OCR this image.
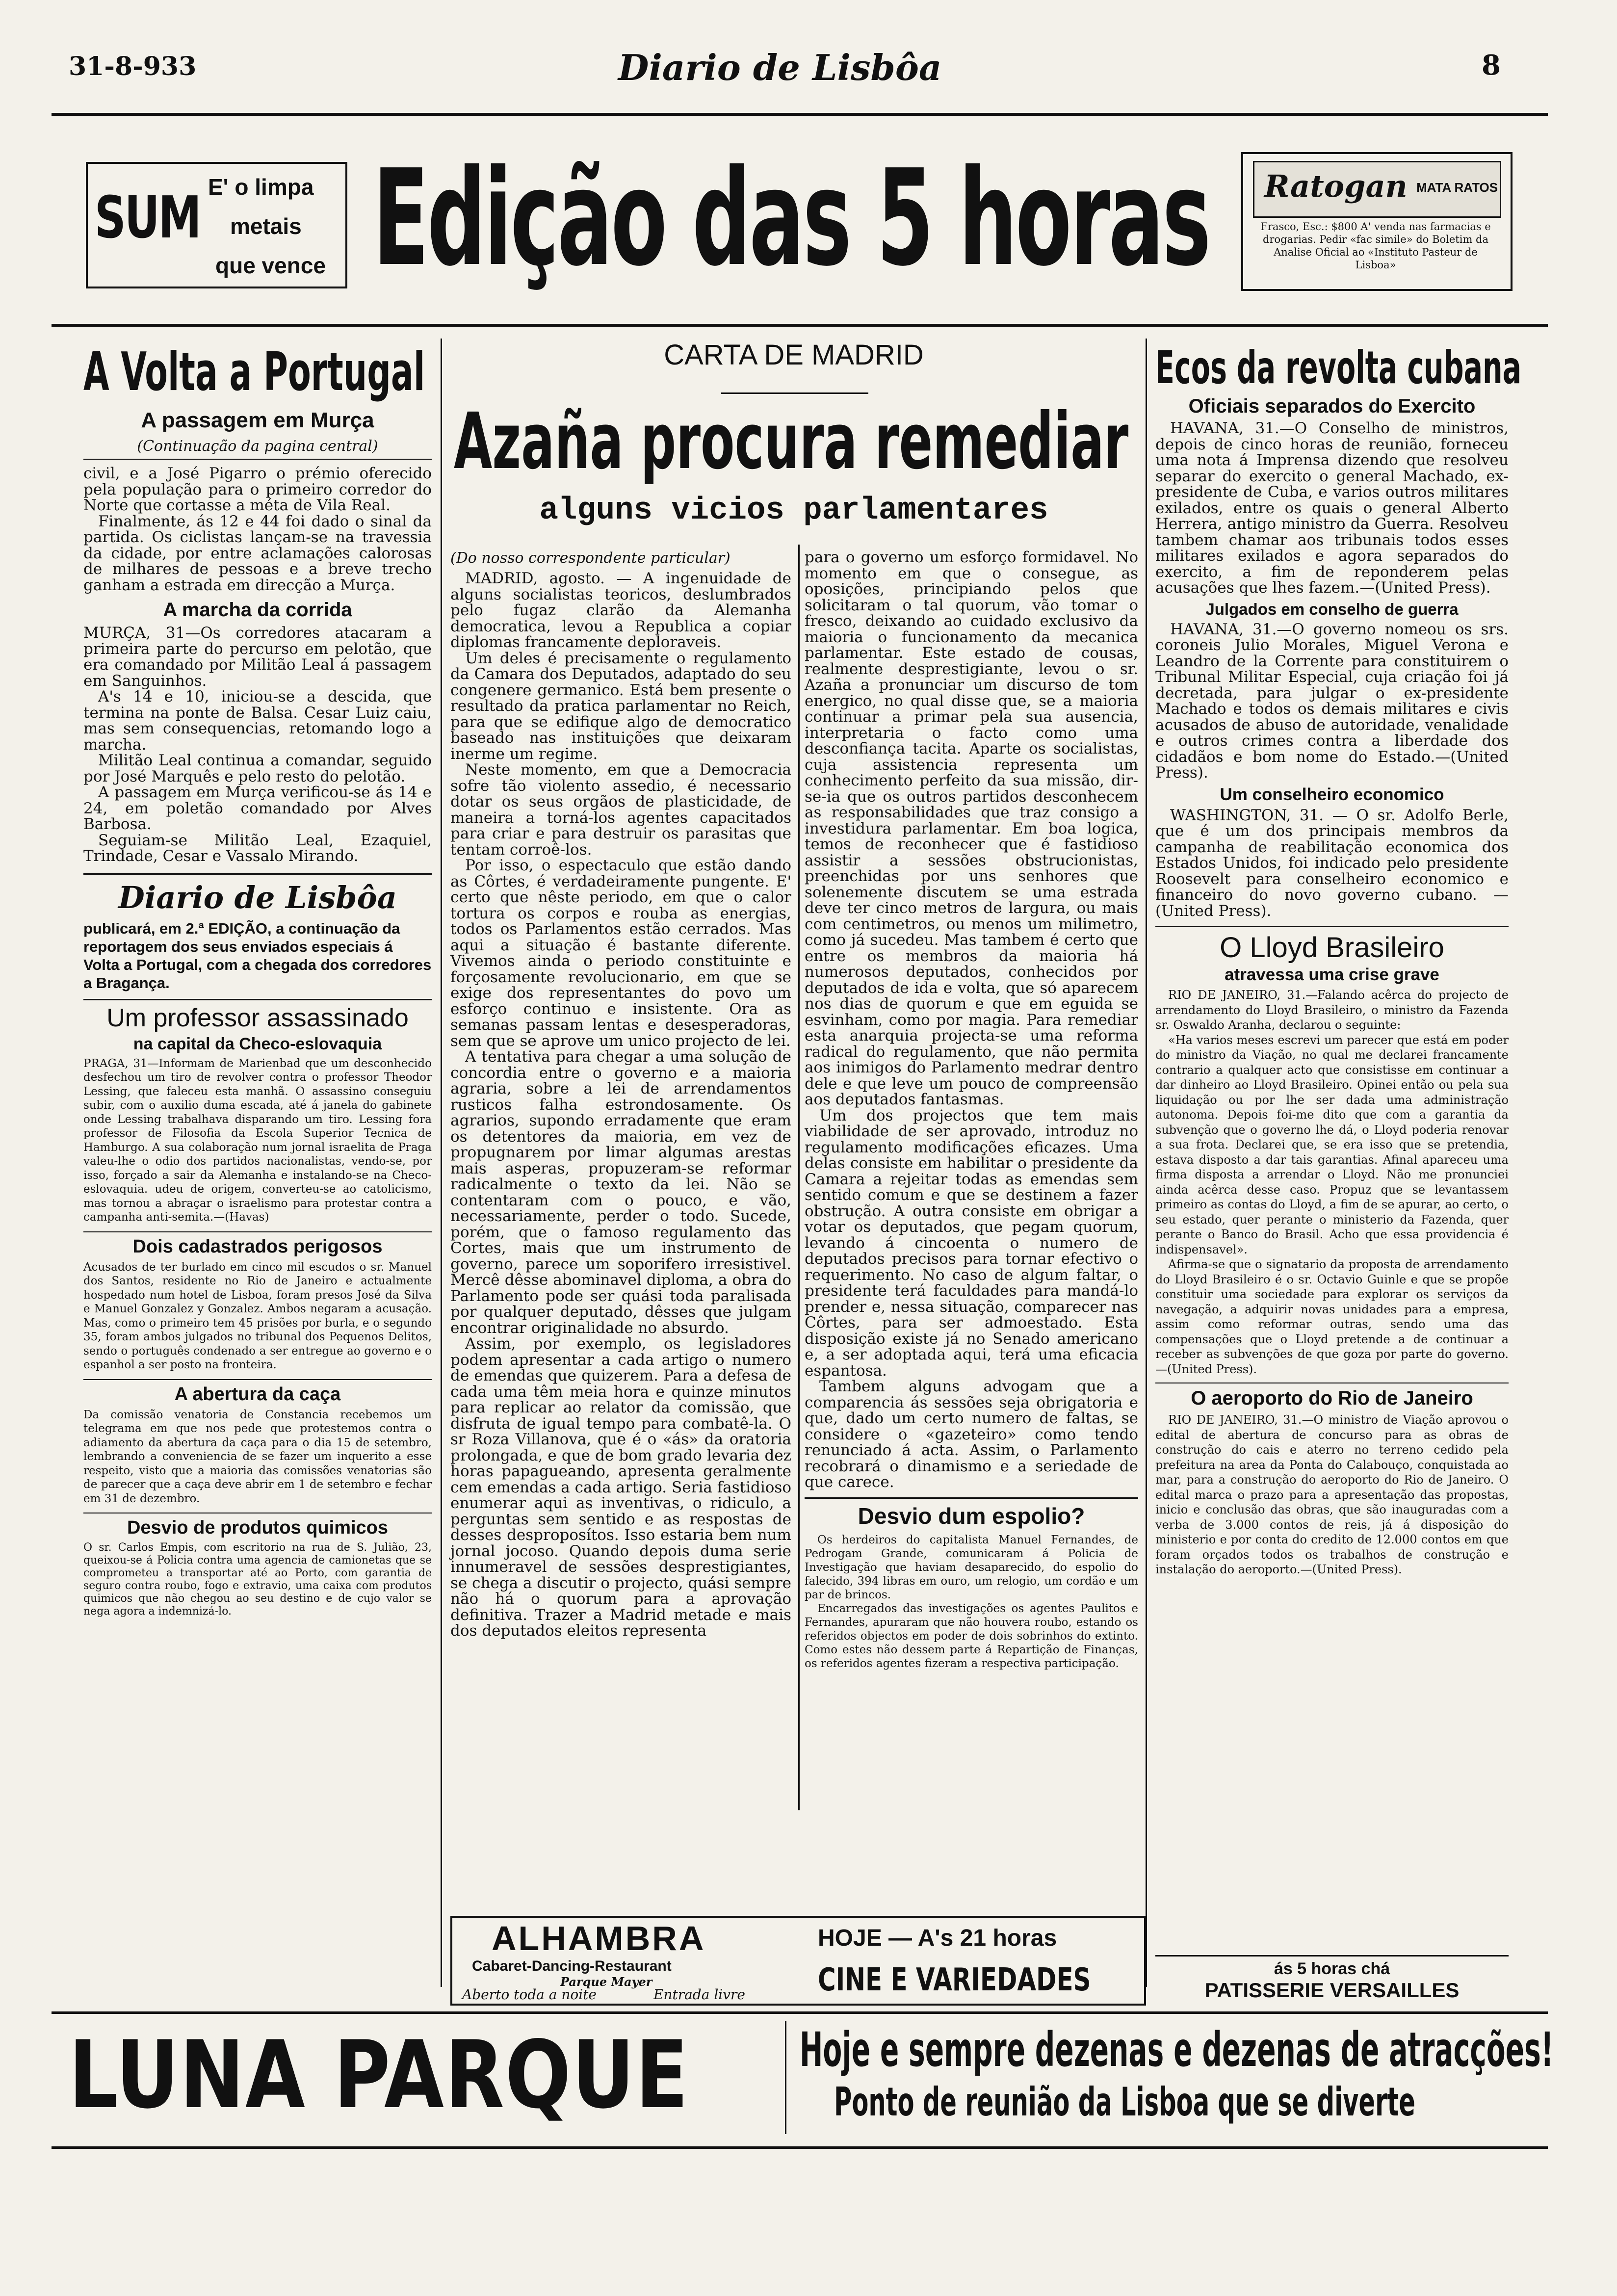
31-8-933	Diario de Lisbôa	8
SUM E' o limpa
metais
que vence Edição das 5 horas Ratogan MATA RATOS
Frasco, Esc.: $800 A' venda nas farmacias e drogarias. Pedir «fac simile» do Boletim da Analise Oficial ao «Instituto Pasteur de Lisboa»
A Volta a Portugal
A passagem em Murça
(Continuação da pagina central)
civil, e a José Pigarro o prémio oferecido pela população para o primeiro corredor do Norte que cortasse a méta de Vila Real.
Finalmente, ás 12 e 44 foi dado o sinal da partida. Os ciclistas lançam-se na travessia da cidade, por entre aclamações calorosas de milhares de pessoas e a breve trecho ganham a estrada em direcção a Murça.
A marcha da corrida
MURÇA, 31—Os corredores atacaram a primeira parte do percurso em pelotão, que era comandado por Militão Leal á passagem em Sanguinhos.
A's 14 e 10, iniciou-se a descida, que termina na ponte de Balsa. Cesar Luiz caiu, mas sem consequencias, retomando logo a marcha.
Militão Leal continua a comandar, seguido por José Marquês e pelo resto do pelotão.
A passagem em Murça verificou-se ás 14 e 24, em poletão comandado por Alves Barbosa.
Seguiam-se Militão Leal, Ezaquiel, Trindade, Cesar e Vassalo Mirando.
Diario de Lisbôa
publicará, em 2.ª EDIÇÃO, a continuação da reportagem dos seus enviados especiais á Volta a Portugal, com a chegada dos corredores a Bragança.
Um professor assassinado
na capital da Checo-eslovaquia
PRAGA, 31—Informam de Marienbad que um desconhecido desfechou um tiro de revolver contra o professor Theodor Lessing, que faleceu esta manhã. O assassino conseguiu subir, com o auxilio duma escada, até á janela do gabinete onde Lessing trabalhava disparando um tiro. Lessing fora professor de Filosofia da Escola Superior Tecnica de Hamburgo. A sua colaboração num jornal israelita de Praga valeu-lhe o odio dos partidos nacionalistas, vendo-se, por isso, forçado a sair da Alemanha e instalando-se na Checo-eslovaquia. udeu de origem, converteu-se ao catolicismo, mas tornou a abraçar o israelismo para protestar contra a campanha anti-semita.—(Havas)
Dois cadastrados perigosos
Acusados de ter burlado em cinco mil escudos o sr. Manuel dos Santos, residente no Rio de Janeiro e actualmente hospedado num hotel de Lisboa, foram presos José da Silva e Manuel Gonzalez y Gonzalez. Ambos negaram a acusação. Mas, como o primeiro tem 45 prisões por burla, e o segundo 35, foram ambos julgados no tribunal dos Pequenos Delitos, sendo o português condenado a ser entregue ao governo e o espanhol a ser posto na fronteira.
A abertura da caça
Da comissão venatoria de Constancia recebemos um telegrama em que nos pede que protestemos contra o adiamento da abertura da caça para o dia 15 de setembro, lembrando a conveniencia de se fazer um inquerito a esse respeito, visto que a maioria das comissões venatorias são de parecer que a caça deve abrir em 1 de setembro e fechar em 31 de dezembro.
Desvio de produtos quimicos
O sr. Carlos Empis, com escritorio na rua de S. Julião, 23, queixou-se á Policia contra uma agencia de camionetas que se comprometeu a transportar até ao Porto, com garantia de seguro contra roubo, fogo e extravio, uma caixa com produtos quimicos que não chegou ao seu destino e de cujo valor se nega agora a indemnizá-lo.
CARTA DE MADRID
Azaña procura remediar
alguns vicios parlamentares
(Do nosso correspondente particular)
MADRID, agosto. — A ingenuidade de alguns socialistas teoricos, deslumbrados pelo fugaz clarão da Alemanha democratica, levou a Republica a copiar diplomas francamente deploraveis.
Um deles é precisamente o regulamento da Camara dos Deputados, adaptado do seu congenere germanico. Está bem presente o resultado da pratica parlamentar no Reich, para que se edifique algo de democratico baseado nas instituições que deixaram inerme um regime.
Neste momento, em que a Democracia sofre tão violento assedio, é necessario dotar os seus orgãos de plasticidade, de maneira a torná-los agentes capacitados para criar e para destruir os parasitas que tentam corroê-los.
Por isso, o espectaculo que estão dando as Côrtes, é verdadeiramente pungente. E' certo que nêste periodo, em que o calor tortura os corpos e rouba as energias, todos os Parlamentos estão cerrados. Mas aqui a situação é bastante diferente. Vivemos ainda o periodo constituinte e forçosamente revolucionario, em que se exige dos representantes do povo um esforço continuo e insistente. Ora as semanas passam lentas e desesperadoras, sem que se aprove um unico projecto de lei.
A tentativa para chegar a uma solução de concordia entre o governo e a maioria agraria, sobre a lei de arrendamentos rusticos falha estrondosamente. Os agrarios, supondo erradamente que eram os detentores da maioria, em vez de propugnarem por limar algumas arestas mais asperas, propuzeram-se reformar radicalmente o texto da lei. Não se contentaram com o pouco, e vão, necessariamente, perder o todo. Sucede, porém, que o famoso regulamento das Cortes, mais que um instrumento de governo, parece um soporifero irresistivel. Mercê dêsse abominavel diploma, a obra do Parlamento pode ser quási toda paralisada por qualquer deputado, dêsses que julgam encontrar originalidade no absurdo.
Assim, por exemplo, os legisladores podem apresentar a cada artigo o numero de emendas que quizerem. Para a defesa de cada uma têm meia hora e quinze minutos para replicar ao relator da comissão, que disfruta de igual tempo para combatê-la. O sr Roza Villanova, que é o «ás» da oratoria prolongada, e que de bom grado levaria dez horas papagueando, apresenta geralmente cem emendas a cada artigo. Seria fastidioso enumerar aqui as inventivas, o ridiculo, a perguntas sem sentido e as respostas de desses desproposítos. Isso estaria bem num jornal jocoso. Quando depois duma serie innumeravel de sessões desprestigiantes, se chega a discutir o projecto, quási sempre não há o quorum para a aprovação definitiva. Trazer a Madrid metade e mais dos deputados eleitos representa
para o governo um esforço formidavel. No momento em que o consegue, as oposições, principiando pelos que solicitaram o tal quorum, vão tomar o fresco, deixando ao cuidado exclusivo da maioria o funcionamento da mecanica parlamentar. Este estado de cousas, realmente desprestigiante, levou o sr. Azaña a pronunciar um discurso de tom energico, no qual disse que, se a maioria continuar a primar pela sua ausencia, interpretaria o facto como uma desconfiança tacita. Aparte os socialistas, cuja assistencia representa um conhecimento perfeito da sua missão, dir-se-ia que os outros partidos desconhecem as responsabilidades que traz consigo a investidura parlamentar. Em boa logica, temos de reconhecer que é fastidioso assistir a sessões obstrucionistas, preenchidas por uns senhores que solenemente discutem se uma estrada deve ter cinco metros de largura, ou mais com centimetros, ou menos um milimetro, como já sucedeu. Mas tambem é certo que entre os membros da maioria há numerosos deputados, conhecidos por deputados de ida e volta, que só aparecem nos dias de quorum e que em eguida se esvinham, como por magia. Para remediar esta anarquia projecta-se uma reforma radical do regulamento, que não permita aos inimigos do Parlamento medrar dentro dele e que leve um pouco de compreensão aos deputados fantasmas.
Um dos projectos que tem mais viabilidade de ser aprovado, introduz no regulamento modificações eficazes. Uma delas consiste em habilitar o presidente da Camara a rejeitar todas as emendas sem sentido comum e que se destinem a fazer obstrução. A outra consiste em obrigar a votar os deputados, que pegam quorum, levando á cincoenta o numero de deputados precisos para tornar efectivo o requerimento. No caso de algum faltar, o presidente terá faculdades para mandá-lo prender e, nessa situação, comparecer nas Côrtes, para ser admoestado. Esta disposição existe já no Senado americano e, a ser adoptada aqui, terá uma eficacia espantosa.
Tambem alguns advogam que a comparencia ás sessões seja obrigatoria e que, dado um certo numero de faltas, se considere o «gazeteiro» como tendo renunciado á acta. Assim, o Parlamento recobrará o dinamismo e a seriedade de que carece.
Desvio dum espolio?
Os herdeiros do capitalista Manuel Fernandes, de Pedrogam Grande, comunicaram á Policia de Investigação que haviam desaparecido, do espolio do falecido, 394 libras em ouro, um relogio, um cordão e um par de brincos.
Encarregados das investigações os agentes Paulitos e Fernandes, apuraram que não houvera roubo, estando os referidos objectos em poder de dois sobrinhos do extinto. Como estes não dessem parte á Repartição de Finanças, os referidos agentes fizeram a respectiva participação.
Ecos da revolta cubana
Oficiais separados do Exercito
HAVANA, 31.—O Conselho de ministros, depois de cinco horas de reunião, forneceu uma nota á Imprensa dizendo que resolveu separar do exercito o general Machado, ex-presidente de Cuba, e varios outros militares exilados, entre os quais o general Alberto Herrera, antigo ministro da Guerra. Resolveu tambem chamar aos tribunais todos esses militares exilados e agora separados do exercito, a fim de reponderem pelas acusações que lhes fazem.—(United Press).
Julgados em conselho de guerra
HAVANA, 31.—O governo nomeou os srs. coroneis Julio Morales, Miguel Verona e Leandro de la Corrente para constituirem o Tribunal Militar Especial, cuja criação foi já decretada, para julgar o ex-presidente Machado e todos os demais militares e civis acusados de abuso de autoridade, venalidade e outros crimes contra a liberdade dos cidadãos e bom nome do Estado.—(United Press).
Um conselheiro economico
WASHINGTON, 31. — O sr. Adolfo Berle, que é um dos principais membros da campanha de reabilitação economica dos Estados Unidos, foi indicado pelo presidente Roosevelt para conselheiro economico e financeiro do novo governo cubano. — (United Press).
O Lloyd Brasileiro
atravessa uma crise grave
RIO DE JANEIRO, 31.—Falando acêrca do projecto de arrendamento do Lloyd Brasileiro, o ministro da Fazenda sr. Oswaldo Aranha, declarou o seguinte:
«Ha varios meses escrevi um parecer que está em poder do ministro da Viação, no qual me declarei francamente contrario a qualquer acto que consistisse em continuar a dar dinheiro ao Lloyd Brasileiro. Opinei então ou pela sua liquidação ou por lhe ser dada uma administração autonoma. Depois foi-me dito que com a garantia da subvenção que o governo lhe dá, o Lloyd poderia renovar a sua frota. Declarei que, se era isso que se pretendia, estava disposto a dar tais garantias. Afinal apareceu uma firma disposta a arrendar o Lloyd. Não me pronunciei ainda acêrca desse caso. Propuz que se levantassem primeiro as contas do Lloyd, a fim de se apurar, ao certo, o seu estado, quer perante o ministerio da Fazenda, quer perante o Banco do Brasil. Acho que essa providencia é indispensavel».
Afirma-se que o signatario da proposta de arrendamento do Lloyd Brasileiro é o sr. Octavio Guinle e que se propõe constituir uma sociedade para explorar os serviços da navegação, a adquirir novas unidades para a empresa, assim como reformar outras, sendo uma das compensações que o Lloyd pretende a de continuar a receber as subvenções de que goza por parte do governo.—(United Press).
O aeroporto do Rio de Janeiro
RIO DE JANEIRO, 31.—O ministro de Viação aprovou o edital de abertura de concurso para as obras de construção do cais e aterro no terreno cedido pela prefeitura na area da Ponta do Calabouço, conquistada ao mar, para a construção do aeroporto do Rio de Janeiro. O edital marca o prazo para a apresentação das propostas, inicio e conclusão das obras, que são inauguradas com a verba de 3.000 contos de reis, já á disposição do ministerio e por conta do credito de 12.000 contos em que foram orçados todos os trabalhos de construção e instalação do aeroporto.—(United Press).
ALHAMBRA
Cabaret-Dancing-Restaurant
Parque Mayer
Aberto toda a noite	Entrada livre
HOJE — A's 21 horas
CINE E VARIEDADES	ás 5 horas chá
PATISSERIE VERSAILLES
LUNA PARQUE Hoje e sempre dezenas e dezenas de atracções!
Ponto de reunião da Lisboa que se diverte
